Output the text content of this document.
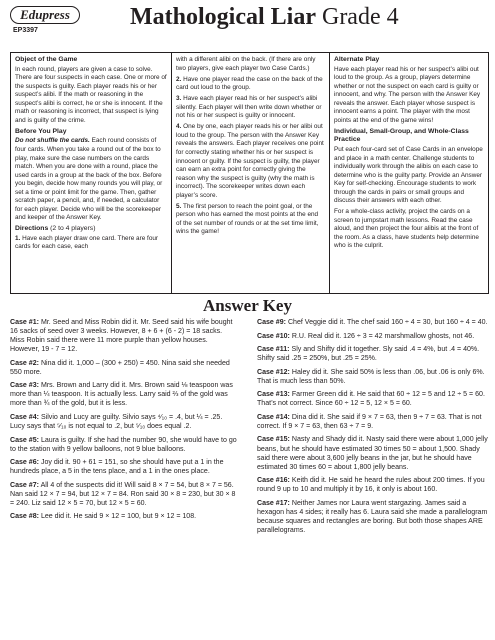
Edupress
EP3397
Mathological Liar Grade 4
Object of the Game

In each round, players are given a case to solve. There are four suspects in each case. One or more of the suspects is guilty. Each player reads his or her suspect’s alibi. If the math or reasoning in the suspect’s alibi is correct, he or she is innocent. If the math or reasoning is incorrect, that suspect is lying and is guilty of the crime.

Before You Play

Do not shuffle the cards. Each round consists of four cards. When you take a round out of the box to play, make sure the case numbers on the cards match. When you are done with a round, place the used cards in a group at the back of the box. Before you begin, decide how many rounds you will play, or set a time or point limit for the game. Then, gather scratch paper, a pencil, and, if needed, a calculator for each player. Decide who will be the scorekeeper and keeper of the Answer Key.

Directions (2 to 4 players)

1. Have each player draw one card. There are four cards for each case, each

with a different alibi on the back. (If there are only two players, give each player two Case Cards.)

2. Have one player read the case on the back of the card out loud to the group.

3. Have each player read his or her suspect’s alibi silently. Each player will then write down whether or not his or her suspect is guilty or innocent.

4. One by one, each player reads his or her alibi out loud to the group. The person with the Answer Key reveals the answers. Each player receives one point for correctly stating whether his or her suspect is innocent or guilty. If the suspect is guilty, the player can earn an extra point for correctly giving the reason why the suspect is guilty (why the math is incorrect). The scorekeeper writes down each player’s score.

5. The first person to reach the point goal, or the person who has earned the most points at the end of the set number of rounds or at the set time limit, wins the game!

Alternate Play

Have each player read his or her suspect’s alibi out loud to the group. As a group, players determine whether or not the suspect on each card is guilty or innocent, and why. The person with the Answer Key reveals the answer. Each player whose suspect is innocent earns a point. The player with the most points at the end of the game wins!

Individual, Small-Group, and Whole-Class Practice

Put each four-card set of Case Cards in an envelope and place in a math center. Challenge students to individually work through the alibis on each case to determine who is the guilty party. Provide an Answer Key for self-checking. Encourage students to work through the cards in pairs or small groups and discuss their answers with each other.

For a whole-class activity, project the cards on a screen to jumpstart math lessons. Read the case aloud, and then project the four alibis at the front of the room. As a class, have students help determine who is the culprit.

Answer Key

Case #1: Mr. Seed and Miss Robin did it. Mr. Seed said his wife bought 16 sacks of seed over 3 weeks. However, 8 + 6 + (6 - 2) = 18 sacks. Miss Robin said there were 11 more purple than yellow houses. However, 19 - 7 = 12.

Case #2: Nina did it. 1,000 – (300 + 250) = 450. Nina said she needed 550 more.

Case #3: Mrs. Brown and Larry did it. Mrs. Brown said ⅛ teaspoon was more than ¼ teaspoon. It is actually less. Larry said ⅔ of the gold was more than ¾ of the gold, but it is less.

Case #4: Silvio and Lucy are guilty. Silvio says ⁴⁄₁₀ = .4, but ¼ = .25. Lucy says that ⁵⁄₁₀ is not equal to .2, but ⁵⁄₁₀ does equal .2.

Case #5: Laura is guilty. If she had the number 90, she would have to go to the station with 9 yellow balloons, not 9 blue balloons.

Case #6: Joy did it. 90 + 61 = 151, so she should have put a 1 in the hundreds place, a 5 in the tens place, and a 1 in the ones place.

Case #7: All 4 of the suspects did it! Will said 8 × 7 = 54, but 8 × 7 = 56. Nan said 12 × 7 = 94, but 12 × 7 = 84. Ron said 30 × 8 = 230, but 30 × 8 = 240. Liz said 12 × 5 = 70, but 12 × 5 = 60.

Case #8: Lee did it. He said 9 × 12 = 100, but 9 × 12 = 108.

Case #9: Chef Veggie did it. The chef said 160 ÷ 4 = 30, but 160 ÷ 4 = 40.

Case #10: R.U. Real did it. 126 ÷ 3 = 42 marshmallow ghosts, not 46.

Case #11: Sly and Shifty did it together. Sly said .4 = 4%, but .4 = 40%. Shifty said .25 = 250%, but .25 = 25%.

Case #12: Haley did it. She said 50% is less than .06, but .06 is only 6%. That is much less than 50%.

Case #13: Farmer Green did it. He said that 60 ÷ 12 = 5 and 12 ÷ 5 = 60. That’s not correct. Since 60 ÷ 12 = 5, 12 × 5 = 60.

Case #14: Dina did it. She said if 9 × 7 = 63, then 9 ÷ 7 = 63. That is not correct. If 9 × 7 = 63, then 63 ÷ 7 = 9.

Case #15: Nasty and Shady did it. Nasty said there were about 1,000 jelly beans, but he should have estimated 30 times 50 = about 1,500. Shady said there were about 3,600 jelly beans in the jar, but he should have estimated 30 times 60 = about 1,800 jelly beans.

Case #16: Keith did it. He said he heard the rules about 200 times. If you round 9 up to 10 and multiply it by 16, it only is about 160.

Case #17: Neither James nor Laura went stargazing. James said a hexagon has 4 sides; it really has 6. Laura said she made a parallelogram because squares and rectangles are boring. But both those shapes ARE parallelograms.
